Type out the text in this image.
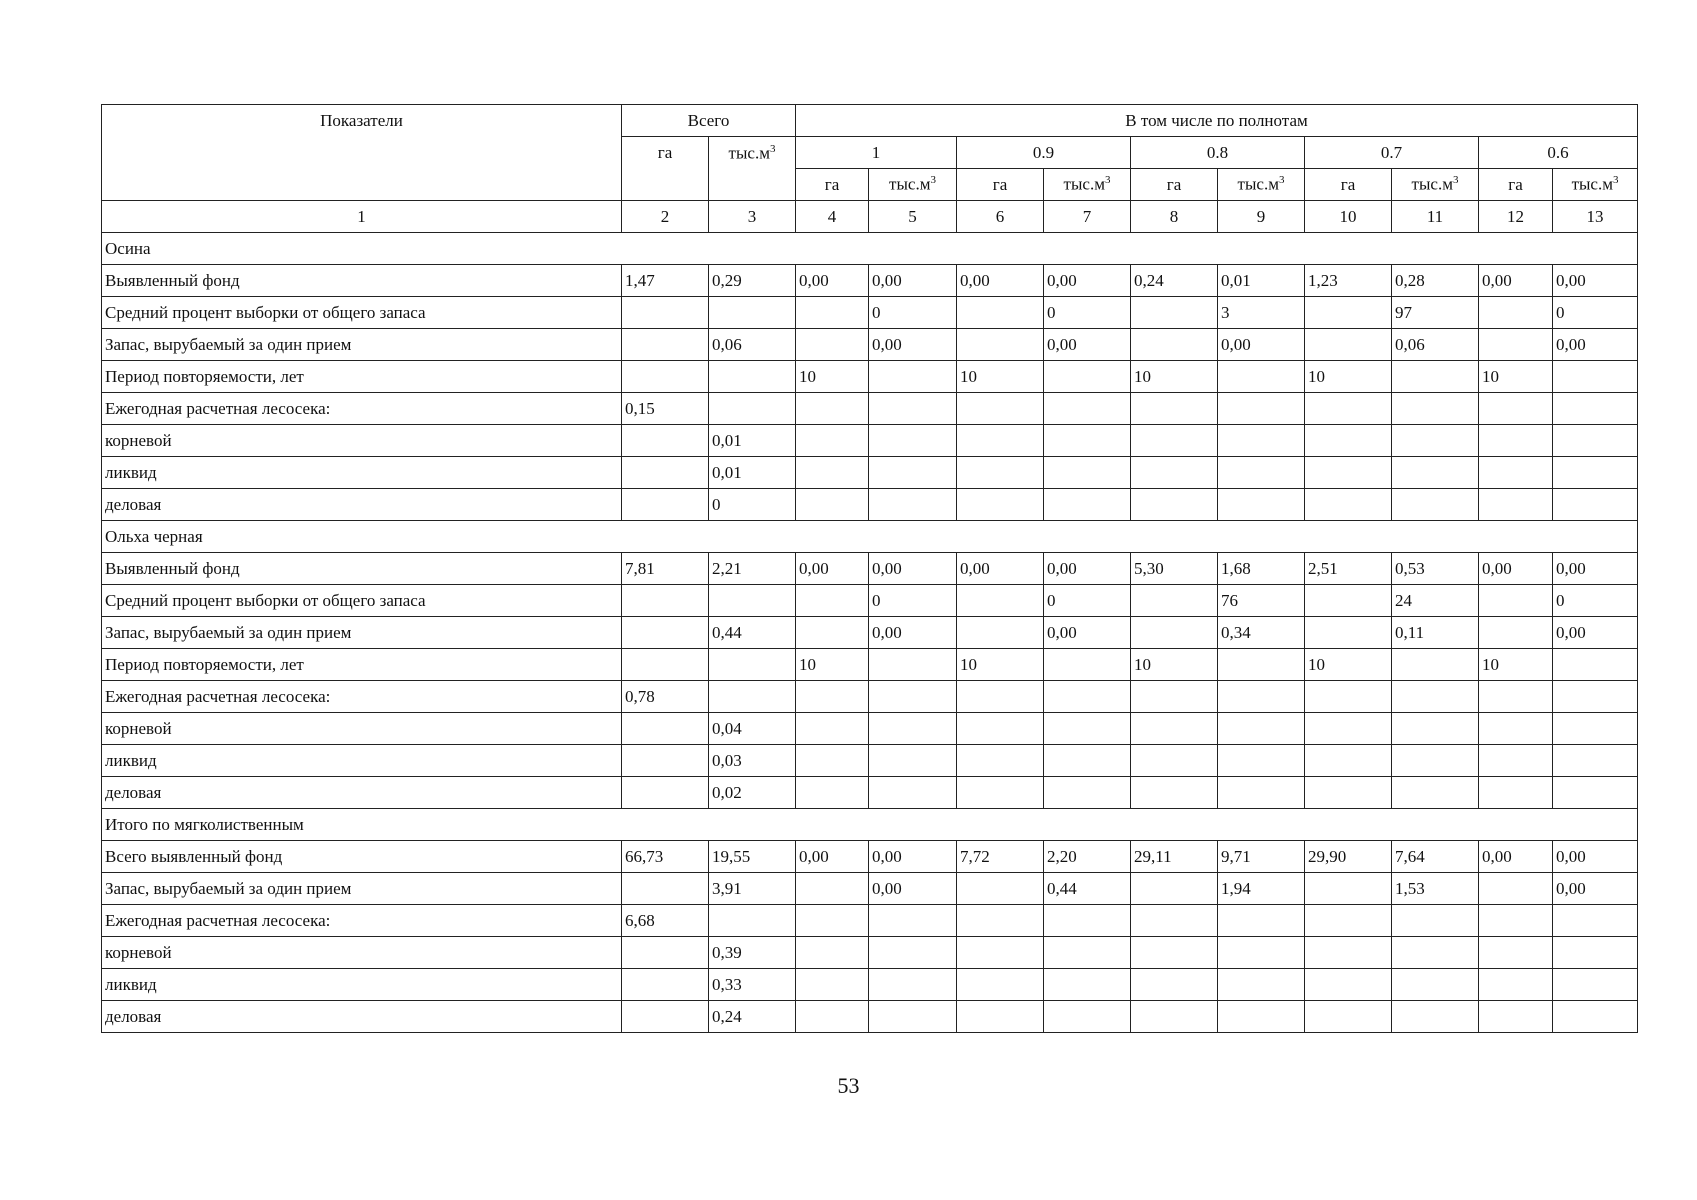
Показатели	Всего		В том числе по полнотам									
	га	$тыс.м^3$	1		0.9		0.8		0.7		0.6	
			га	$тыс.м^3$	га	$тыс.м^3$	га	$тыс.м^3$	га	$тыс.м^3$	га	$тыс.м^3$
1	2	3	4	5	6	7	8	9	10	11	12	13
Осина												
Выявленный фонд	1,47	0,29	0,00	0,00	0,00	0,00	0,24	0,01	1,23	0,28	0,00	0,00
Средний процент выборки от общего запаса				0		0		3		97		0
Запас, вырубаемый за один прием		0,06		0,00		0,00		0,00		0,06		0,00
Период повторяемости, лет			10		10		10		10		10	
Ежегодная расчетная лесосека:	0,15											
корневой		0,01										
ликвид		0,01										
деловая		0										
Ольха черная												
Выявленный фонд	7,81	2,21	0,00	0,00	0,00	0,00	5,30	1,68	2,51	0,53	0,00	0,00
Средний процент выборки от общего запаса				0		0		76		24		0
Запас, вырубаемый за один прием		0,44		0,00		0,00		0,34		0,11		0,00
Период повторяемости, лет			10		10		10		10		10	
Ежегодная расчетная лесосека:	0,78											
корневой		0,04										
ликвид		0,03										
деловая		0,02										
Итого по мягколиственным												
Всего выявленный фонд	66,73	19,55	0,00	0,00	7,72	2,20	29,11	9,71	29,90	7,64	0,00	0,00
Запас, вырубаемый за один прием		3,91		0,00		0,44		1,94		1,53		0,00
Ежегодная расчетная лесосека:	6,68											
корневой		0,39										
ликвид		0,33										
деловая		0,24										
53
